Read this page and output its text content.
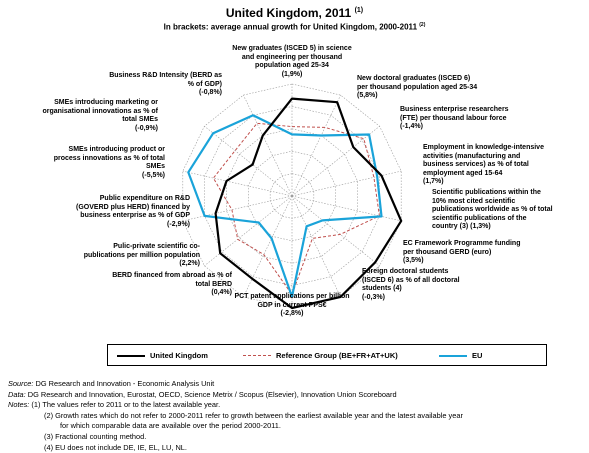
United Kingdom, 2011 $^{(1)}$
In brackets: average annual growth for United Kingdom, 2000-2011 $^{(2)}$
New graduates (ISCED 5) in science
and engineering per thousand
population aged 25-34
(1,9%)
New doctoral graduates (ISCED 6)
per thousand population aged 25-34
(5,8%)
Business enterprise researchers
(FTE) per thousand labour force
(-1,4%)
Employment in knowledge-intensive
activities (manufacturing and
business services) as % of total
employment aged 15-64
(1,7%)
Scientific publications within the
10% most cited scientific
publications worldwide as % of total
scientific publications of the
country (3) (1,3%)
EC Framework Programme funding
per thousand GERD (euro)
(3,5%)
Foreign doctoral students
(ISCED 6) as % of all doctoral
students (4)
(-0,3%)
PCT patent applications per billion
GDP in current PPS€
(-2,8%)
BERD financed from abroad as % of
total BERD
(0,4%)
Pulic-private scientific co-
publications per million population
(2,2%)
Public expenditure on R&D
(GOVERD plus HERD) financed by
business enterprise as % of GDP
(-2,9%)
SMEs introducing product or
process innovations as % of total
SMEs
(-5,5%)
SMEs introducing marketing or
organisational innovations as % of
total SMEs
(-0,9%)
Business R&D Intensity (BERD as
% of GDP)
(-0,8%)
United Kingdom	Reference Group (BE+FR+AT+UK)	EU
Source: DG Research and Innovation - Economic Analysis Unit
Data: DG Research and Innovation, Eurostat, OECD, Science Metrix / Scopus (Elsevier), Innovation Union Scoreboard
Notes: (1) The values refer to 2011 or to the latest available year.
(2) Growth rates which do not refer to 2000-2011 refer to growth between the earliest available year and the latest available year
for which comparable data are available over the period 2000-2011.
(3) Fractional counting method.
(4) EU does not include DE, IE, EL, LU, NL.
